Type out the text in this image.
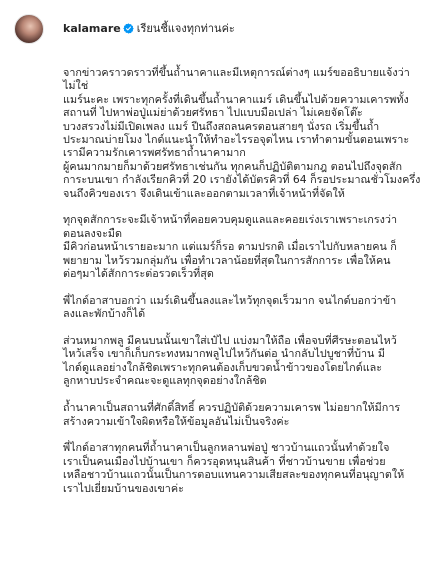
kalamare เรียนชี้แจงทุกท่านค่ะ

จากข่าวคราวดราวที่ขึ้นถ้ำนาคาและมีเหตุการณ์ต่างๆ แมร์ขออธิบายแจ้งว่า ไม่ใช่
แมร์นะคะ เพราะทุกครั้งที่เดินขึ้นถ้ำนาคาแมร์ เดินขึ้นไปด้วยความเคารพทั้ง
สถานที่ ไปหาพ่อปู่แม่ย่าด้วยศรัทธา ไปแบบมือเปล่า ไม่เคยจัดโต๊ะ
บวงสรวงไม่มีเปิดเพลง แมร์ ปีนถึงสถลนครตอนสายๆ นั่งรถ เริ่มขึ้นถ้ำ
ประมาณบ่ายโมง ไกด์แนะนำให้ทำอะไรรอจุดไหน เราทำตามขั้นตอนเพราะ
เรามีความรักเคารพศรัทธาถ้ำนาคามาก
ผู้คนมากมายก็มาด้วยศรัทธาเช่นกัน ทุกคนก็ปฏิบัติตามกฎ ตอนไปถึงจุดสัก
การะบนเขา กำลังเรียกคิวที่ 20 เรายังได้บัตรคิวที่ 64 ก็รอประมาณชั่วโมงครึ่ง
จนถึงคิวของเรา จึงเดินเข้าและออกตามเวลาที่เจ้าหน้าที่จัดให้

ทุกจุดสักการะจะมีเจ้าหน้าที่คอยควบคุมดูแลและคอยเร่งเราเพราะเกรงว่า
ตอนลงจะมืด
มีคิวก่อนหน้าเรายอะมาก แต่แมร์ก็รอ ตามปรกติ เมื่อเราไปกับหลายคน ก็
พยายาม ไหว้รวมกลุ่มกัน เพื่อทำเวลาน้อยที่สุดในการสักการะ เพื่อให้คน
ต่อๆมาได้สักการะต่อรวดเร็วที่สุด

พี่ไกด์อาสาบอกว่า แมร์เดินขึ้นลงและไหว้ทุกจุดเร็วมาก จนไกด์บอกว่าข้า
ลงและพักบ้างก็ได้

ส่วนหมากพลู มีคนบนนั้นเขาใส่เป๋ไป แบ่งมาให้ถือ เพื่อจบที่ศีรษะตอนไหว้
ไหว้เสร็จ เขาก็เก็บกระทงหมากพลูไปไหว้กันต่อ นำกลับไปบูชาที่บ้าน มี
ไกด์ดูแลอย่างใกล้ชิดเพราะทุกคนต้องเก็บขวดน้ำข้าวของโดยไกด์และ
ลูกหาบประจำคณะจะดูแลทุกจุดอย่างใกล้ชิด

ถ้ำนาคาเป็นสถานที่ศักดิ์สิทธิ์ ควรปฏิบัติด้วยความเคารพ ไม่อยากให้มีการ
สร้างความเข้าใจผิดหรือให้ข้อมูลอันไม่เป็นจริงค่ะ

พี่ไกด์อาสาทุกคนที่ถ้ำนาคาเป็นลูกหลานพ่อปู่ ชาวบ้านแถวนั้นทำด้วยใจ
เราเป็นคนเมืองไปบ้านเขา ก็ควรอุดหนุนสินค้า ที่ชาวบ้านขาย เพื่อช่วย
เหลือชาวบ้านแถวนั้นเป็นการตอบแทนความเสียสละของทุกคนที่อนุญาตให้
เราไปเยี่ยมบ้านของเขาค่ะ
